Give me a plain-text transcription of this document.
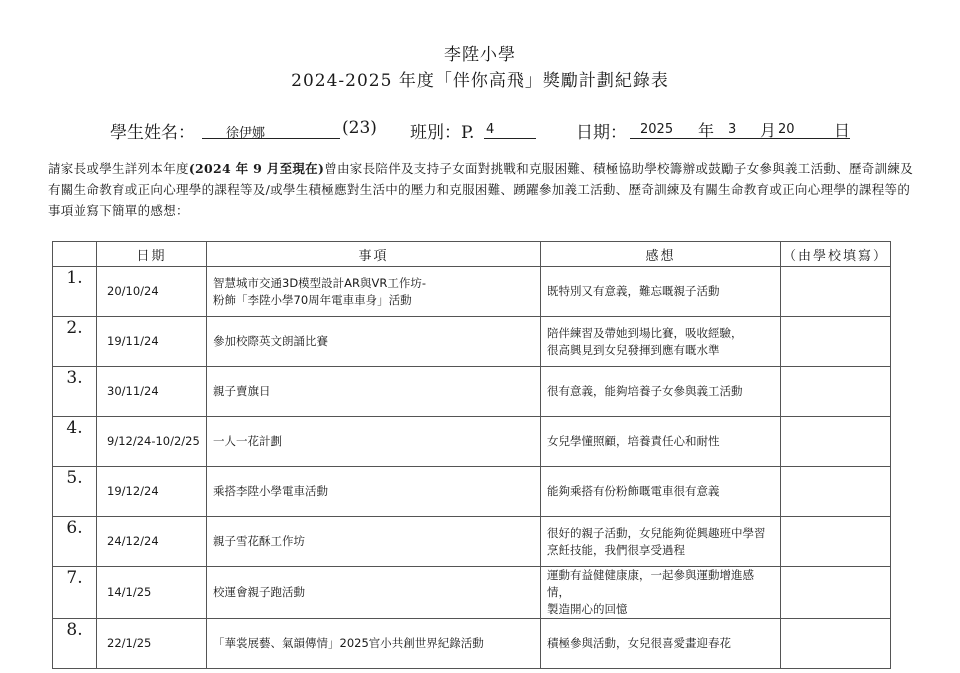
李陞小學
2024-2025 年度「伴你高飛」獎勵計劃紀錄表
學生姓名： 徐伊娜	(23) 班別：P. 4	日期： 2025 年 3 月 20 日
請家長或學生詳列本年度(2024 年 9 月至現在)曾由家長陪伴及支持子女面對挑戰和克服困難、積極協助學校籌辦或鼓勵子女參與義工活動、歷奇訓練及有關生命教育或正向心理學的課程等及/或學生積極應對生活中的壓力和克服困難、踴躍參加義工活動、歷奇訓練及有關生命教育或正向心理學的課程等的事項並寫下簡單的感想：
	日期	事項	感想	（由學校填寫）
1.	20/10/24	智慧城市交通3D模型設計AR與VR工作坊-
粉飾「李陞小學70周年電車車身」活動	既特別又有意義，難忘嘅親子活動	

2.	19/11/24	參加校際英文朗誦比賽	陪伴練習及帶她到場比賽，吸收經驗，
很高興見到女兒發揮到應有嘅水準	

3.	30/11/24	親子賣旗日	很有意義，能夠培養子女參與義工活動	

4.	9/12/24-10/2/25	一人一花計劃	女兒學懂照顧，培養責任心和耐性	

5.	19/12/24	乘搭李陞小學電車活動	能夠乘搭有份粉飾嘅電車很有意義	

6.	24/12/24	親子雪花酥工作坊	很好的親子活動，女兒能夠從興趣班中學習
烹飪技能，我們很享受過程	

7.	14/1/25	校運會親子跑活動	運動有益健健康康，一起參與運動增進感情，
製造開心的回憶	

8.	22/1/25	「華裳展藝、氣韻傳情」2025官小共創世界紀錄活動	積極參與活動，女兒很喜愛畫迎春花	
